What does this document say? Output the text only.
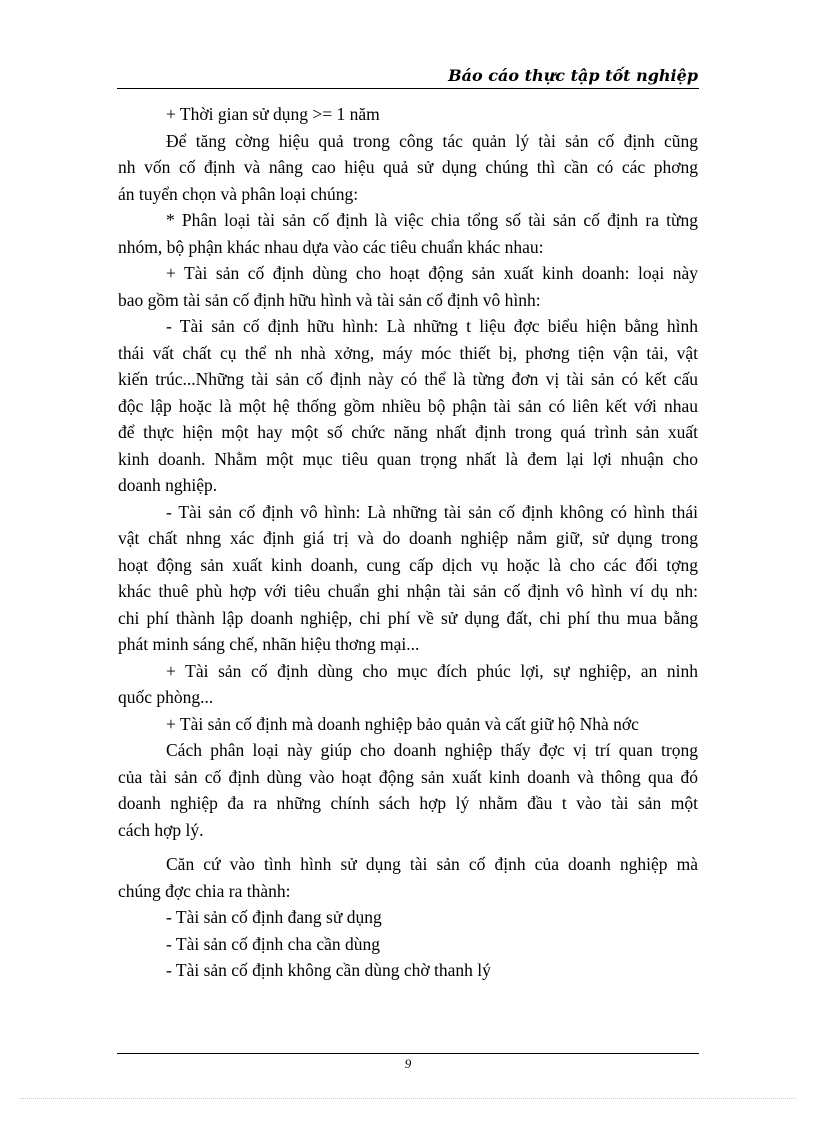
Báo cáo thực tập tốt nghiệp

+ Thời gian sử dụng >= 1 năm

Để tăng cờng hiệu quả trong công tác quản lý tài sản cố định cũng

nh vốn cố định và nâng cao hiệu quả sử dụng chúng thì cần có các phơng

án tuyển chọn và phân loại chúng:

* Phân loại tài sản cố định là việc chia tổng số tài sản cố định ra từng

nhóm, bộ phận khác nhau dựa vào các tiêu chuẩn khác nhau:

+ Tài sản cố định dùng cho hoạt động sản xuất kinh doanh: loại này

bao gồm tài sản cố định hữu hình và tài sản cố định vô hình:

- Tài sản cố định hữu hình: Là những t liệu đợc biểu hiện bằng hình

thái vất chất cụ thể nh nhà xởng, máy móc thiết bị, phơng tiện vận tải, vật

kiến trúc...Những tài sản cố định này có thể là từng đơn vị tài sản có kết cấu

độc lập hoặc là một hệ thống gồm nhiều bộ phận tài sản có liên kết với nhau

để thực hiện một hay một số chức năng nhất định trong quá trình sản xuất

kinh doanh. Nhằm một mục tiêu quan trọng nhất là đem lại lợi nhuận cho

doanh nghiệp.

- Tài sản cố định vô hình: Là những tài sản cố định không có hình thái

vật chất nhng xác định giá trị và do doanh nghiệp nắm giữ, sử dụng trong

hoạt động sản xuất kinh doanh, cung cấp dịch vụ hoặc là cho các đối tợng

khác thuê phù hợp với tiêu chuẩn ghi nhận tài sản cố định vô hình ví dụ nh:

chi phí thành lập doanh nghiệp, chi phí về sử dụng đất, chi phí thu mua bằng

phát minh sáng chế, nhãn hiệu thơng mại...

+ Tài sản cố định dùng cho mục đích phúc lợi, sự nghiệp, an ninh

quốc phòng...

+ Tài sản cố định mà doanh nghiệp bảo quản và cất giữ hộ Nhà nớc

Cách phân loại này giúp cho doanh nghiệp thấy đợc vị trí quan trọng

của tài sản cố định dùng vào hoạt động sản xuất kinh doanh và thông qua đó

doanh nghiệp đa ra những chính sách hợp lý nhằm đầu t vào tài sản một

cách hợp lý.

Căn cứ vào tình hình sử dụng tài sản cố định của doanh nghiệp mà

chúng đợc chia ra thành:

- Tài sản cố định đang sử dụng

- Tài sản cố định cha cần dùng

- Tài sản cố định không cần dùng chờ thanh lý

9
